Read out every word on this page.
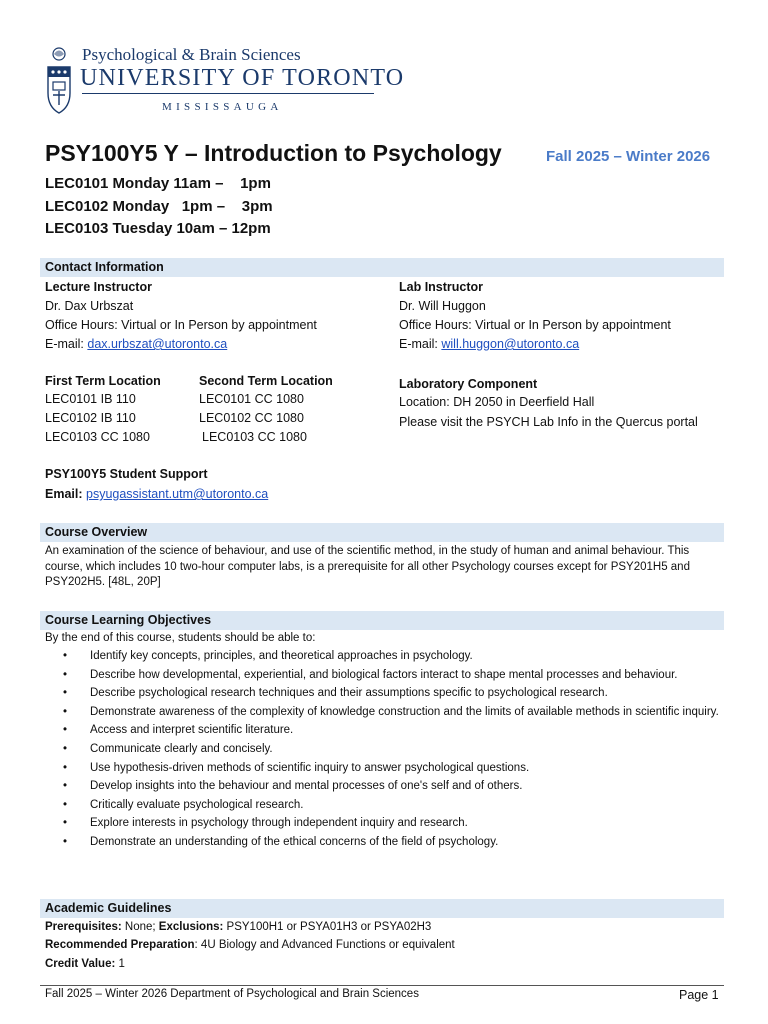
Psychological & Brain Sciences
UNIVERSITY OF TORONTO
MISSISSAUGA
PSY100Y5 Y – Introduction to Psychology	Fall 2025 – Winter 2026
LEC0101 Monday 11am –    1pm
LEC0102 Monday   1pm –    3pm
LEC0103 Tuesday 10am – 12pm
Contact Information
Lecture Instructor
Dr. Dax Urbszat
Office Hours: Virtual or In Person by appointment
E-mail: dax.urbszat@utoronto.ca
Lab Instructor
Dr. Will Huggon
Office Hours: Virtual or In Person by appointment
E-mail: will.huggon@utoronto.ca
First Term Location
LEC0101 IB 110
LEC0102 IB 110
LEC0103 CC 1080
Second Term Location
LEC0101 CC 1080
LEC0102 CC 1080
LEC0103 CC 1080
Laboratory Component
Location: DH 2050 in Deerfield Hall
Please visit the PSYCH Lab Info in the Quercus portal
PSY100Y5 Student Support
Email: psyugassistant.utm@utoronto.ca
Course Overview
An examination of the science of behaviour, and use of the scientific method, in the study of human and animal behaviour. This course, which includes 10 two-hour computer labs, is a prerequisite for all other Psychology courses except for PSY201H5 and PSY202H5. [48L, 20P]
Course Learning Objectives
By the end of this course, students should be able to:
• Identify key concepts, principles, and theoretical approaches in psychology.
• Describe how developmental, experiential, and biological factors interact to shape mental processes and behaviour.
• Describe psychological research techniques and their assumptions specific to psychological research.
• Demonstrate awareness of the complexity of knowledge construction and the limits of available methods in scientific inquiry.
• Access and interpret scientific literature.
• Communicate clearly and concisely.
• Use hypothesis-driven methods of scientific inquiry to answer psychological questions.
• Develop insights into the behaviour and mental processes of one's self and of others.
• Critically evaluate psychological research.
• Explore interests in psychology through independent inquiry and research.
• Demonstrate an understanding of the ethical concerns of the field of psychology.
Academic Guidelines
Prerequisites: None; Exclusions: PSY100H1 or PSYA01H3 or PSYA02H3
Recommended Preparation: 4U Biology and Advanced Functions or equivalent
Credit Value: 1
Fall 2025 – Winter 2026 Department of Psychological and Brain Sciences	Page 1
